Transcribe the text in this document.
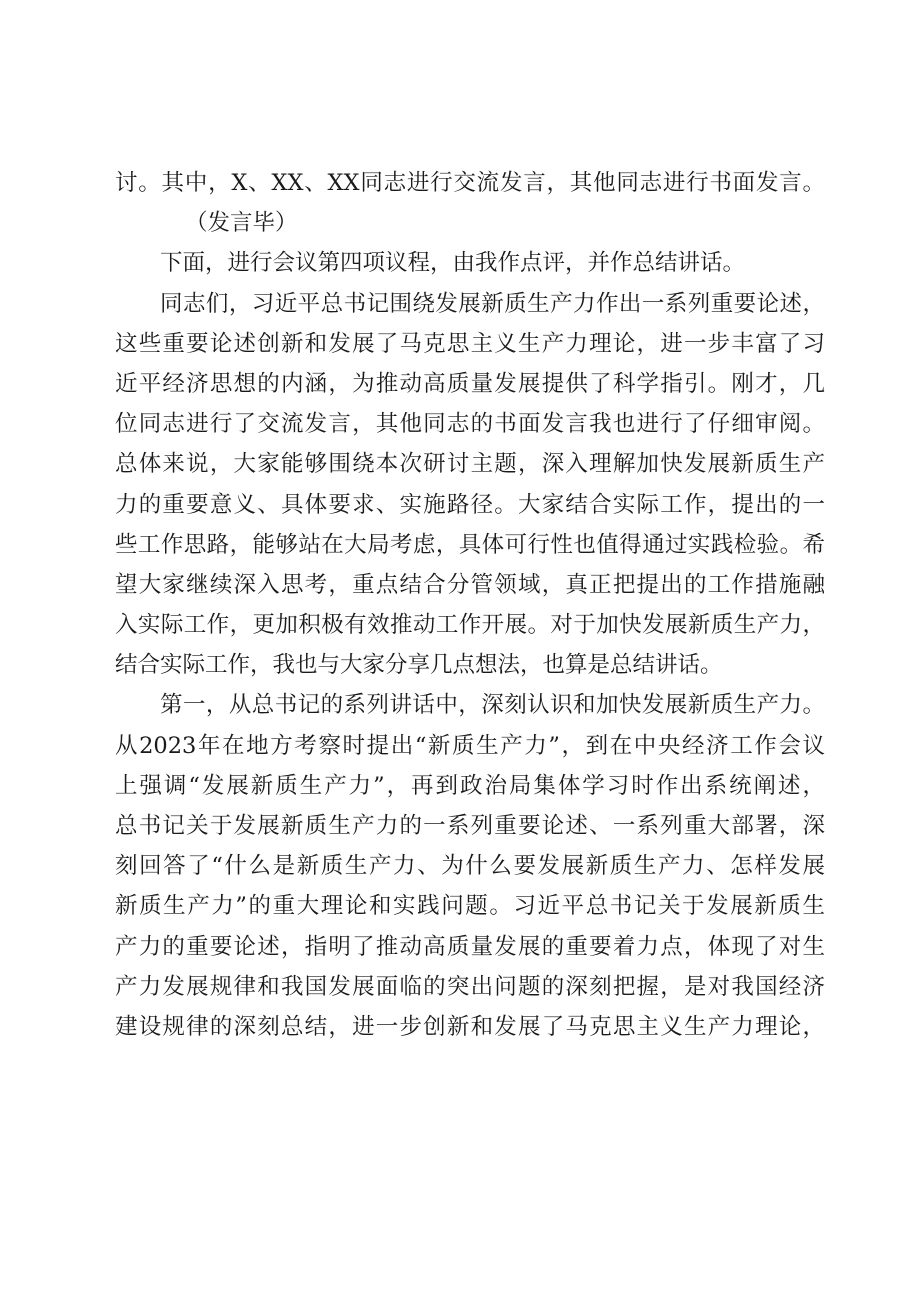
讨。其中，X、XX、XX同志进行交流发言，其他同志进行书面发言。
（发言毕）
下面，进行会议第四项议程，由我作点评，并作总结讲话。
同志们，习近平总书记围绕发展新质生产力作出一系列重要论述，
这些重要论述创新和发展了马克思主义生产力理论，进一步丰富了习
近平经济思想的内涵，为推动高质量发展提供了科学指引。刚才，几
位同志进行了交流发言，其他同志的书面发言我也进行了仔细审阅。
总体来说，大家能够围绕本次研讨主题，深入理解加快发展新质生产
力的重要意义、具体要求、实施路径。大家结合实际工作，提出的一
些工作思路，能够站在大局考虑，具体可行性也值得通过实践检验。希
望大家继续深入思考，重点结合分管领域，真正把提出的工作措施融
入实际工作，更加积极有效推动工作开展。对于加快发展新质生产力，
结合实际工作，我也与大家分享几点想法，也算是总结讲话。
第一，从总书记的系列讲话中，深刻认识和加快发展新质生产力。
从2023年在地方考察时提出“新质生产力”，到在中央经济工作会议
上强调“发展新质生产力”，再到政治局集体学习时作出系统阐述，
总书记关于发展新质生产力的一系列重要论述、一系列重大部署，深
刻回答了“什么是新质生产力、为什么要发展新质生产力、怎样发展
新质生产力”的重大理论和实践问题。习近平总书记关于发展新质生
产力的重要论述，指明了推动高质量发展的重要着力点，体现了对生
产力发展规律和我国发展面临的突出问题的深刻把握，是对我国经济
建设规律的深刻总结，进一步创新和发展了马克思主义生产力理论，
